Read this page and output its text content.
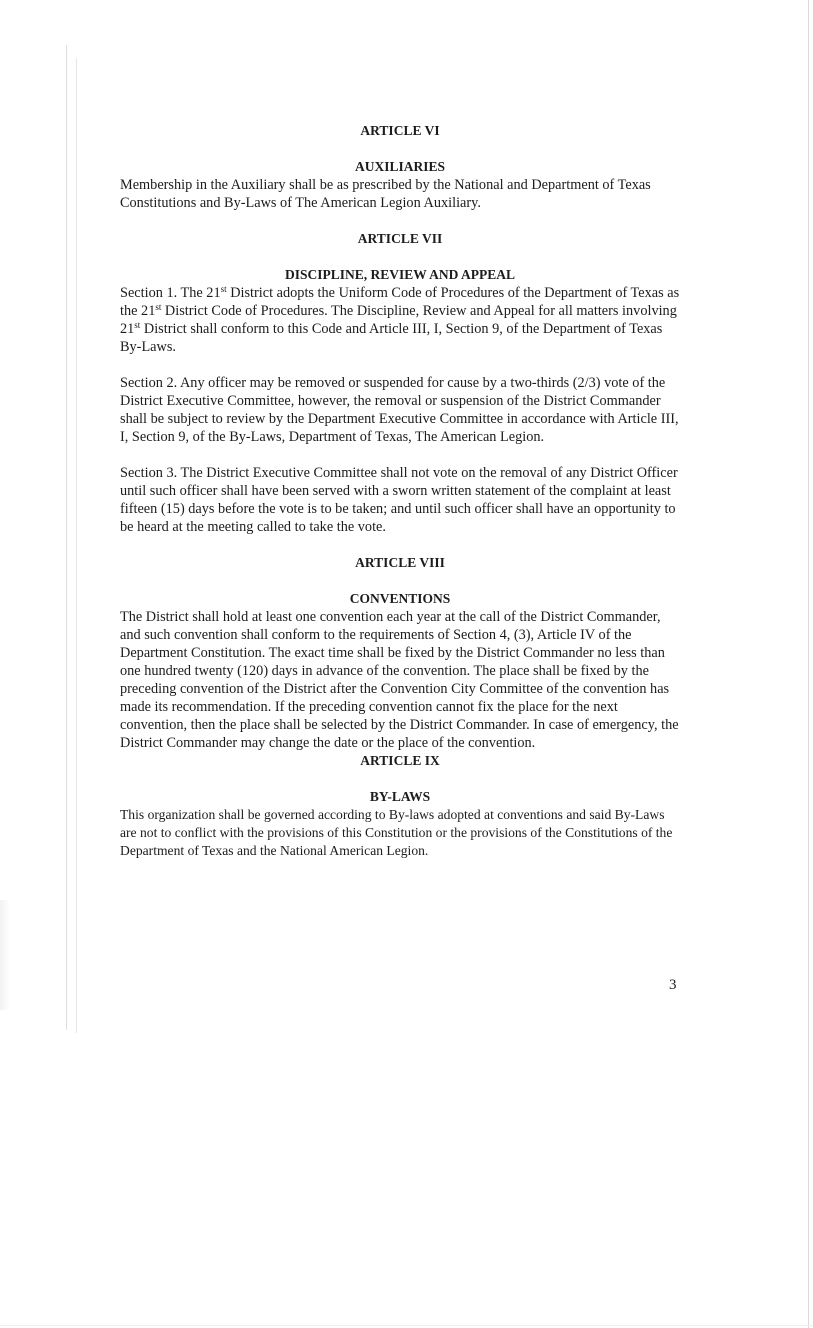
ARTICLE VI

AUXILIARIES

Membership in the Auxiliary shall be as prescribed by the National and Department of Texas Constitutions and By-Laws of The American Legion Auxiliary.

ARTICLE VII

DISCIPLINE, REVIEW AND APPEAL

Section 1. The 21st District adopts the Uniform Code of Procedures of the Department of Texas as the 21st District Code of Procedures. The Discipline, Review and Appeal for all matters involving 21st District shall conform to this Code and Article III, I, Section 9, of the Department of Texas By-Laws.

Section 2. Any officer may be removed or suspended for cause by a two-thirds (2/3) vote of the District Executive Committee, however, the removal or suspension of the District Commander shall be subject to review by the Department Executive Committee in accordance with Article III, I, Section 9, of the By-Laws, Department of Texas, The American Legion.

Section 3. The District Executive Committee shall not vote on the removal of any District Officer until such officer shall have been served with a sworn written statement of the complaint at least fifteen (15) days before the vote is to be taken; and until such officer shall have an opportunity to be heard at the meeting called to take the vote.

ARTICLE VIII

CONVENTIONS

The District shall hold at least one convention each year at the call of the District Commander, and such convention shall conform to the requirements of Section 4, (3), Article IV of the Department Constitution. The exact time shall be fixed by the District Commander no less than one hundred twenty (120) days in advance of the convention. The place shall be fixed by the preceding convention of the District after the Convention City Committee of the convention has made its recommendation. If the preceding convention cannot fix the place for the next convention, then the place shall be selected by the District Commander. In case of emergency, the District Commander may change the date or the place of the convention.

ARTICLE IX

BY-LAWS

This organization shall be governed according to By-laws adopted at conventions and said By-Laws are not to conflict with the provisions of this Constitution or the provisions of the Constitutions of the Department of Texas and the National American Legion.

3
